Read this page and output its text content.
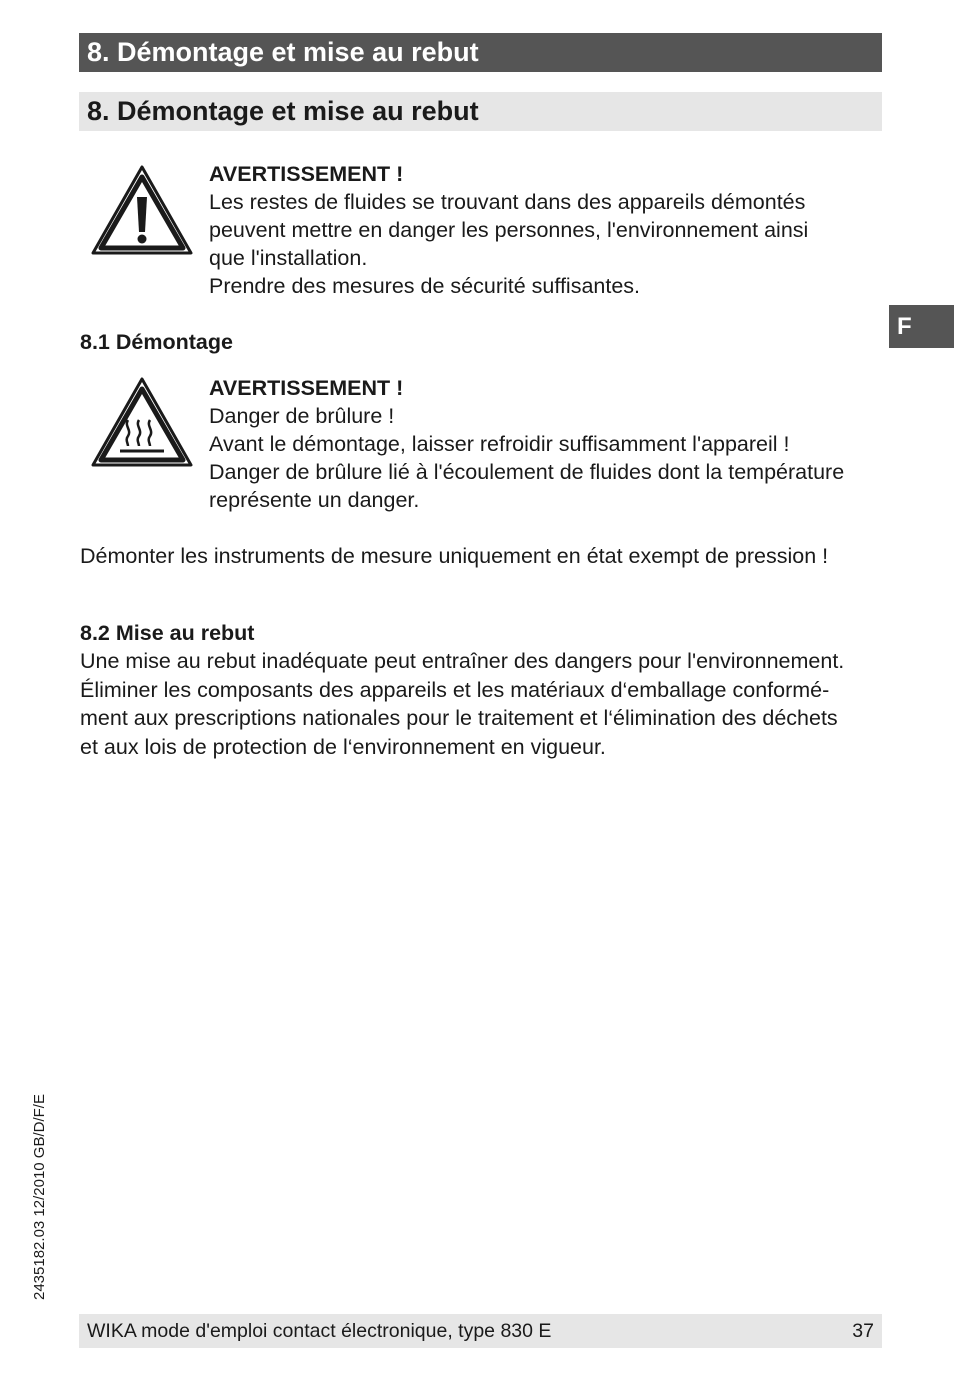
8. Démontage et mise au rebut
8. Démontage et mise au rebut
F
AVERTISSEMENT !
Les restes de fluides se trouvant dans des appareils démontés
peuvent mettre en danger les personnes, l'environnement ainsi
que l'installation.
Prendre des mesures de sécurité suffisantes.
8.1 Démontage
AVERTISSEMENT !
Danger de brûlure !
Avant le démontage, laisser refroidir suffisamment l'appareil !
Danger de brûlure lié à l'écoulement de fluides dont la température
représente un danger.
Démonter les instruments de mesure uniquement en état exempt de pression !
8.2 Mise au rebut
Une mise au rebut inadéquate peut entraîner des dangers pour l'environnement.
Éliminer les composants des appareils et les matériaux d‘emballage conformé-
ment aux prescriptions nationales pour le traitement et l‘élimination des déchets
et aux lois de protection de l‘environnement en vigueur.
2435182.03 12/2010 GB/D/F/E
WIKA mode d'emploi contact électronique, type 830 E	37
